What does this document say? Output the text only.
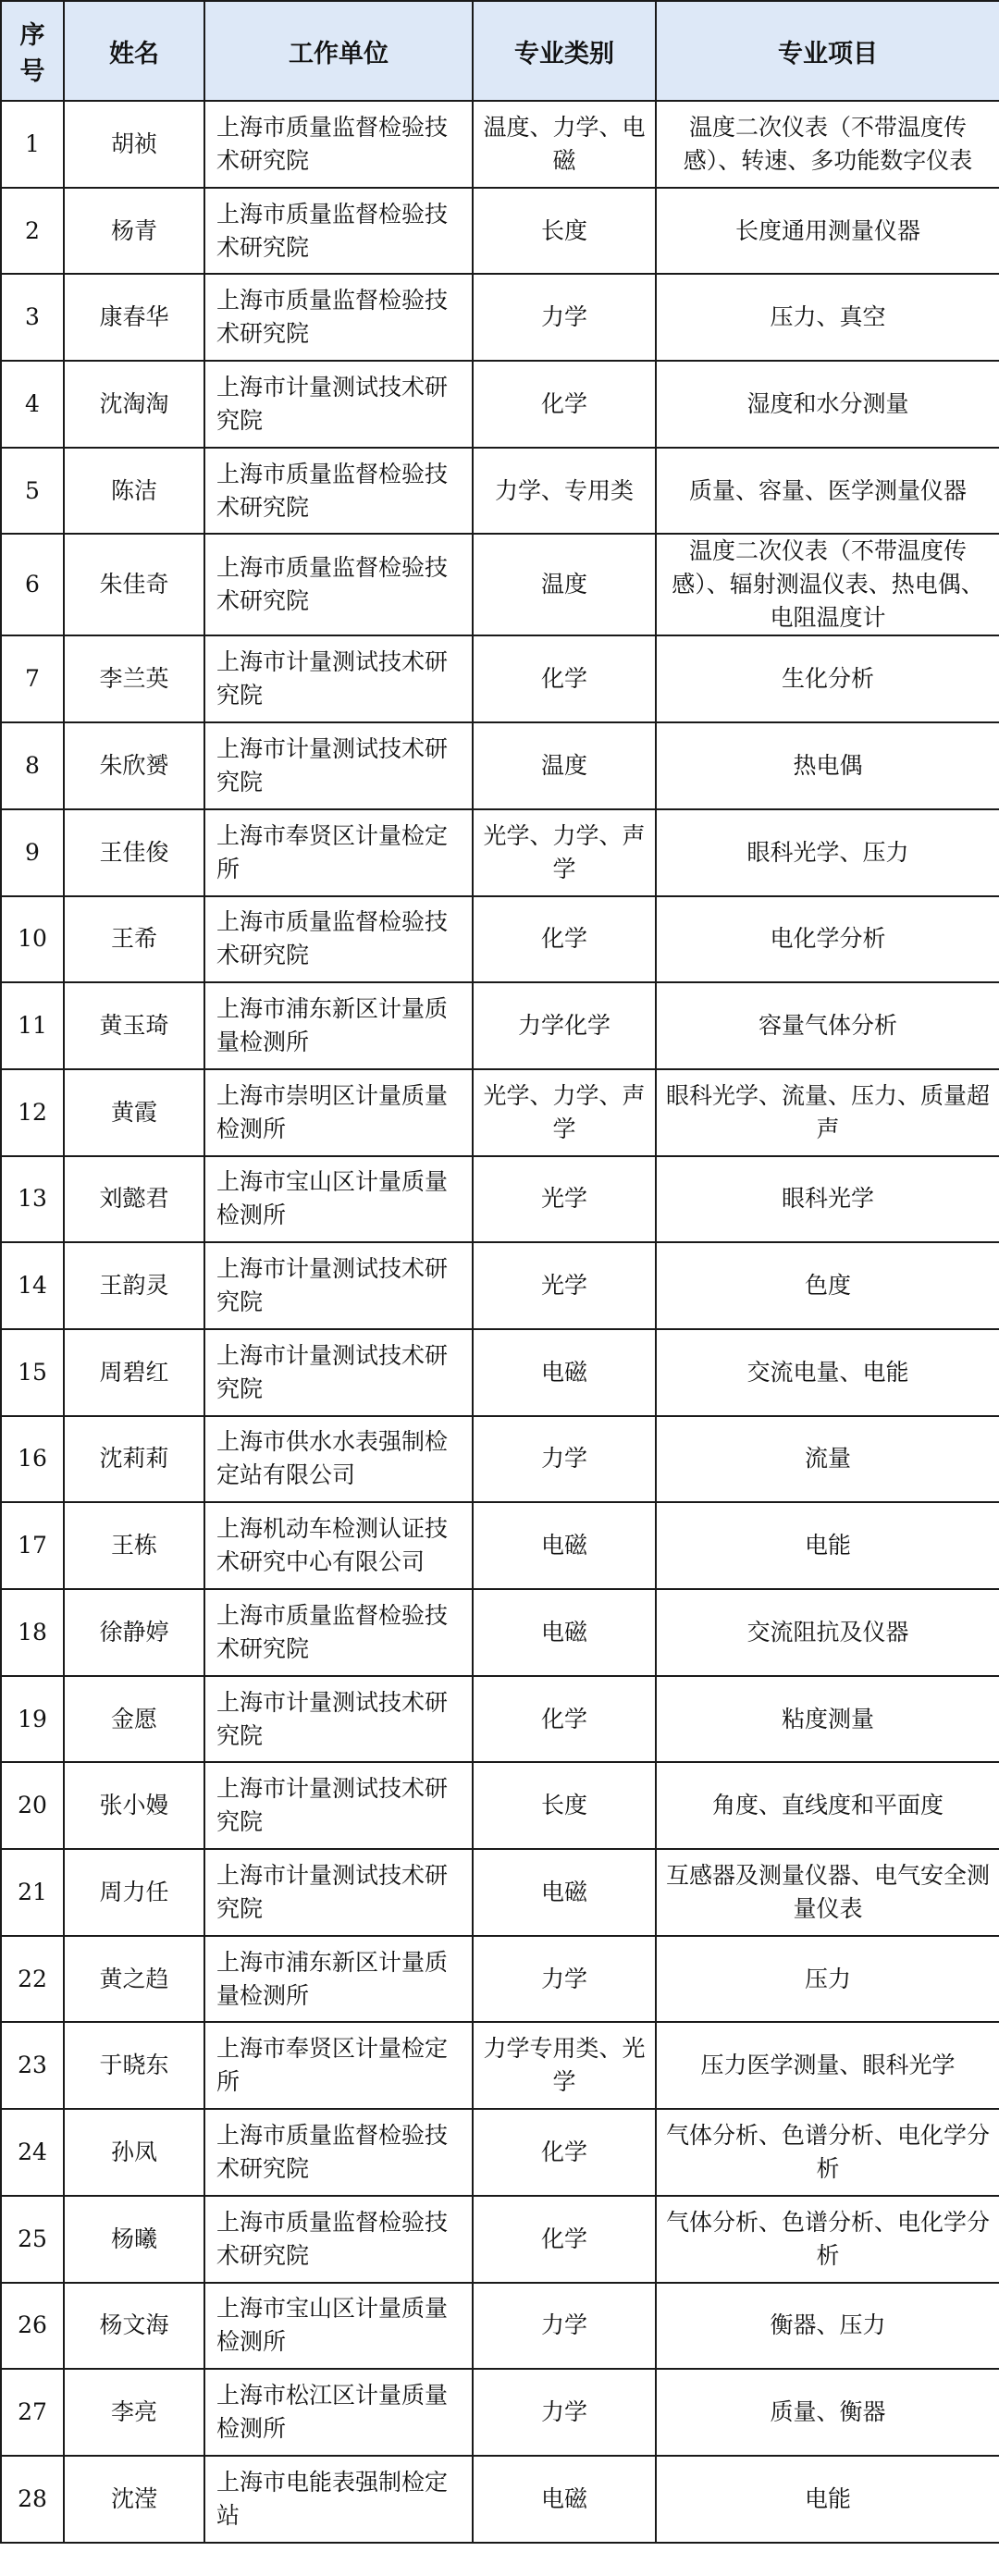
序号	姓名	工作单位	专业类别	专业项目
1	胡祯	上海市质量监督检验技术研究院	温度、力学、电磁	温度二次仪表（不带温度传感）、转速、多功能数字仪表
2	杨青	上海市质量监督检验技术研究院	长度	长度通用测量仪器
3	康春华	上海市质量监督检验技术研究院	力学	压力、真空
4	沈淘淘	上海市计量测试技术研究院	化学	湿度和水分测量
5	陈洁	上海市质量监督检验技术研究院	力学、专用类	质量、容量、医学测量仪器
6	朱佳奇	上海市质量监督检验技术研究院	温度	温度二次仪表（不带温度传感）、辐射测温仪表、热电偶、电阻温度计
7	李兰英	上海市计量测试技术研究院	化学	生化分析
8	朱欣赟	上海市计量测试技术研究院	温度	热电偶
9	王佳俊	上海市奉贤区计量检定所	光学、力学、声学	眼科光学、压力
10	王希	上海市质量监督检验技术研究院	化学	电化学分析
11	黄玉琦	上海市浦东新区计量质量检测所	力学化学	容量气体分析
12	黄霞	上海市崇明区计量质量检测所	光学、力学、声学	眼科光学、流量、压力、质量超声
13	刘懿君	上海市宝山区计量质量检测所	光学	眼科光学
14	王韵灵	上海市计量测试技术研究院	光学	色度
15	周碧红	上海市计量测试技术研究院	电磁	交流电量、电能
16	沈莉莉	上海市供水水表强制检定站有限公司	力学	流量
17	王栋	上海机动车检测认证技术研究中心有限公司	电磁	电能
18	徐静婷	上海市质量监督检验技术研究院	电磁	交流阻抗及仪器
19	金愿	上海市计量测试技术研究院	化学	粘度测量
20	张小嫚	上海市计量测试技术研究院	长度	角度、直线度和平面度
21	周力任	上海市计量测试技术研究院	电磁	互感器及测量仪器、电气安全测量仪表
22	黄之趋	上海市浦东新区计量质量检测所	力学	压力
23	于晓东	上海市奉贤区计量检定所	力学专用类、光学	压力医学测量、眼科光学
24	孙凤	上海市质量监督检验技术研究院	化学	气体分析、色谱分析、电化学分析
25	杨曦	上海市质量监督检验技术研究院	化学	气体分析、色谱分析、电化学分析
26	杨文海	上海市宝山区计量质量检测所	力学	衡器、压力
27	李亮	上海市松江区计量质量检测所	力学	质量、衡器
28	沈滢	上海市电能表强制检定站	电磁	电能
